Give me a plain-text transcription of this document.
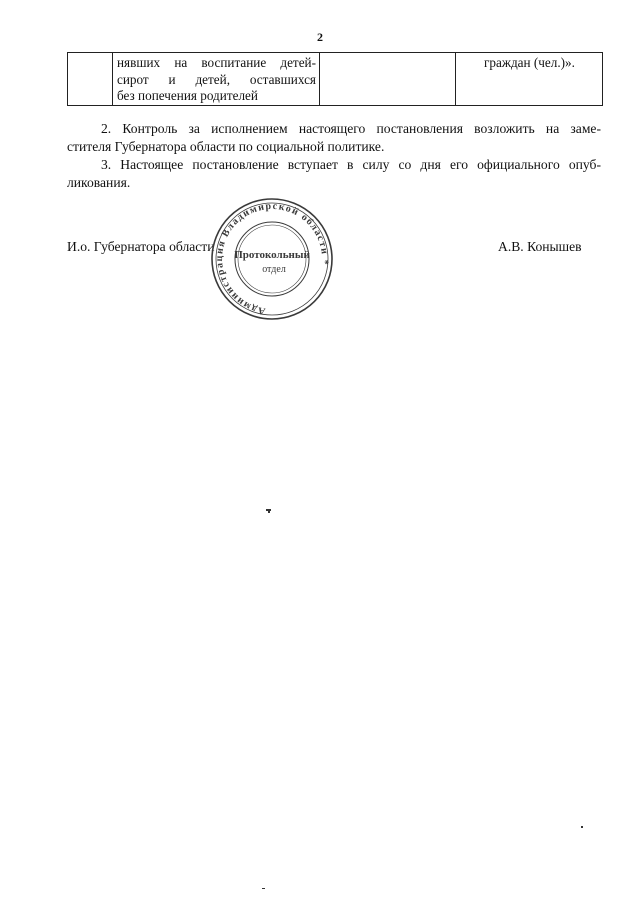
2
нявших на воспитание детей-
сирот и детей, оставшихся
без попечения родителей
граждан (чел.)».
2. Контроль за исполнением настоящего постановления возложить на заме-
стителя Губернатора области по социальной политике.
3. Настоящее постановление вступает в силу со дня его официального опуб-
ликования.
И.о. Губернатора области	А.В. Конышев
Администрация Владимирской области *
Протокольный
отдел
